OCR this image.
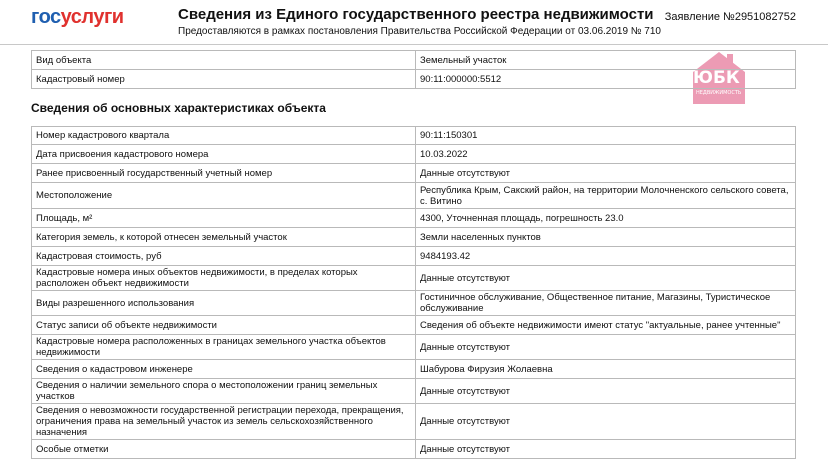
госуслуги	Сведения из Единого государственного реестра недвижимости
Предоставляются в рамках постановления Правительства Российской Федерации от 03.06.2019 № 710
Заявление №2951082752
ЮБК
НЕДВИЖИМОСТЬ
Вид объекта	Земельный участок
Кадастровый номер	90:11:000000:5512
Сведения об основных характеристиках объекта
Номер кадастрового квартала	90:11:150301
Дата присвоения кадастрового номера	10.03.2022
Ранее присвоенный государственный учетный номер	Данные отсутствуют
Местоположение	Республика Крым, Сакский район, на территории Молочненского сельского совета, с. Витино
Площадь, м²	4300, Уточненная площадь, погрешность 23.0
Категория земель, к которой отнесен земельный участок	Земли населенных пунктов
Кадастровая стоимость, руб	9484193.42
Кадастровые номера иных объектов недвижимости, в пределах которых расположен объект недвижимости	Данные отсутствуют
Виды разрешенного использования	Гостиничное обслуживание, Общественное питание, Магазины, Туристическое обслуживание
Статус записи об объекте недвижимости	Сведения об объекте недвижимости имеют статус "актуальные, ранее учтенные"
Кадастровые номера расположенных в границах земельного участка объектов недвижимости	Данные отсутствуют
Сведения о кадастровом инженере	Шабурова Фирузия Жолаевна
Сведения о наличии земельного спора о местоположении границ земельных участков	Данные отсутствуют
Сведения о невозможности государственной регистрации перехода, прекращения, ограничения права на земельный участок из земель сельскохозяйственного назначения	Данные отсутствуют
Особые отметки	Данные отсутствуют
